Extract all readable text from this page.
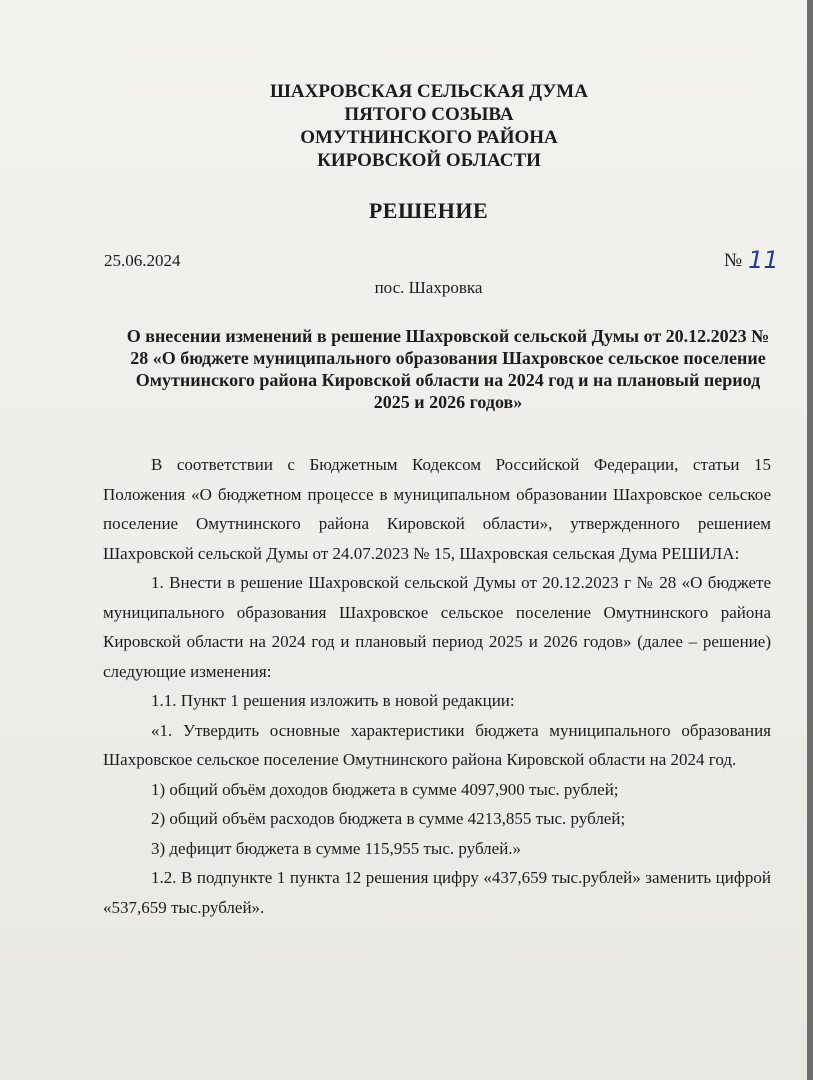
ШАХРОВСКАЯ СЕЛЬСКАЯ ДУМА
ПЯТОГО СОЗЫВА
ОМУТНИНСКОГО РАЙОНА
КИРОВСКОЙ ОБЛАСТИ
РЕШЕНИЕ
25.06.2024	№ 11
пос. Шахровка
О внесении изменений в решение Шахровской сельской Думы от 20.12.2023 № 28 «О бюджете муниципального образования Шахровское сельское поселение Омутнинского района Кировской области на 2024 год и на плановый период 2025 и 2026 годов»

В соответствии с Бюджетным Кодексом Российской Федерации, статьи 15 Положения «О бюджетном процессе в муниципальном образовании Шахровское сельское поселение Омутнинского района Кировской области», утвержденного решением Шахровской сельской Думы от 24.07.2023 № 15, Шахровская сельская Дума РЕШИЛА:

1. Внести в решение Шахровской сельской Думы от 20.12.2023 г № 28 «О бюджете муниципального образования Шахровское сельское поселение Омутнинского района Кировской области на 2024 год и плановый период 2025 и 2026 годов» (далее – решение) следующие изменения:

1.1. Пункт 1 решения изложить в новой редакции:

«1. Утвердить основные характеристики бюджета муниципального образования Шахровское сельское поселение Омутнинского района Кировской области на 2024 год.

1) общий объём доходов бюджета в сумме 4097,900 тыс. рублей;

2) общий объём расходов бюджета в сумме 4213,855 тыс. рублей;

3) дефицит бюджета в сумме 115,955 тыс. рублей.»

1.2. В подпункте 1 пункта 12 решения цифру «437,659 тыс.рублей» заменить цифрой «537,659 тыс.рублей».
